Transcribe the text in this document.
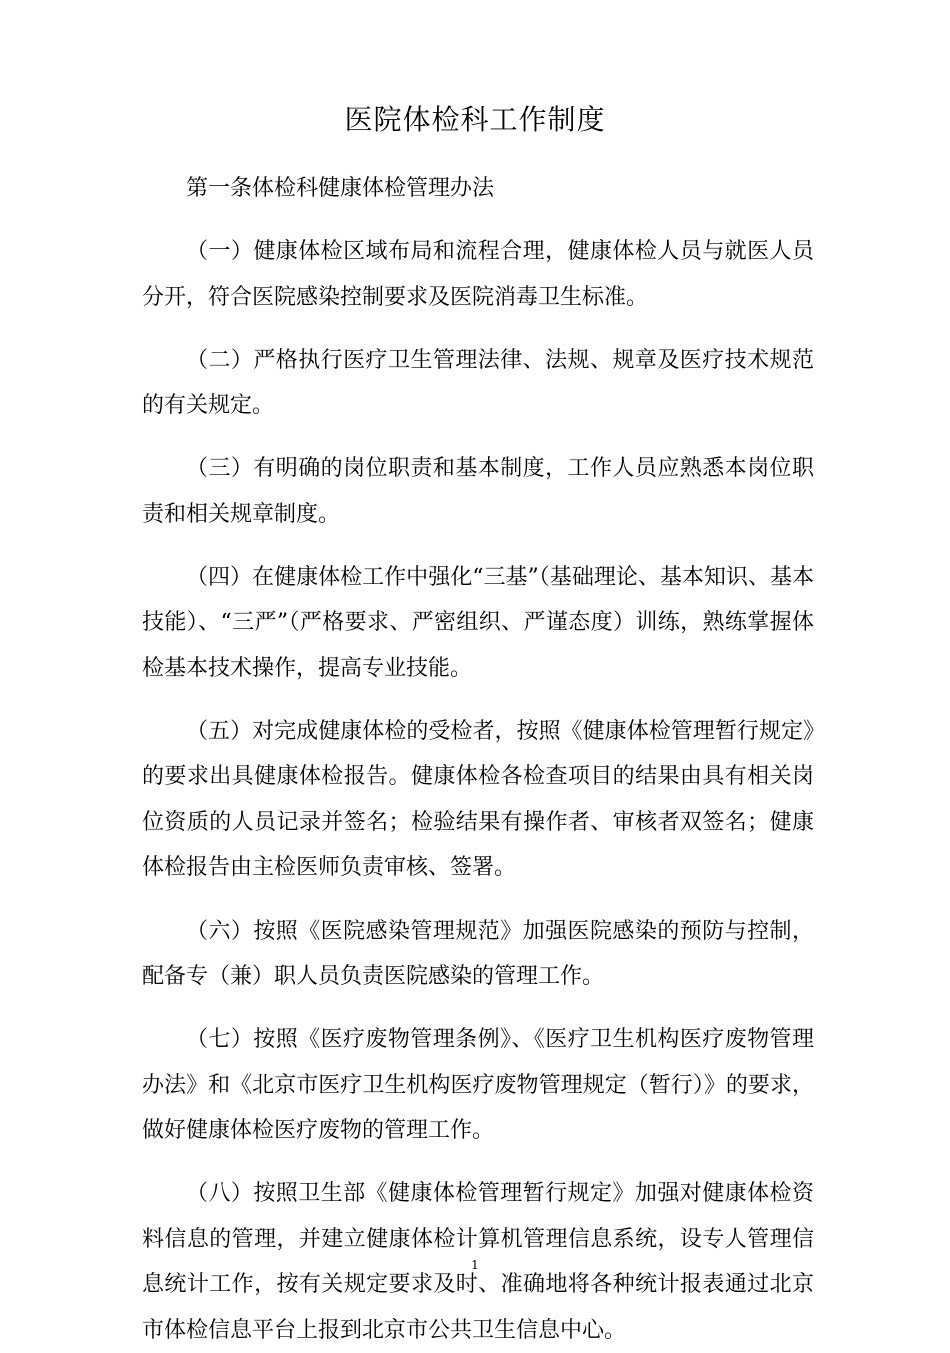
医院体检科工作制度

第一条体检科健康体检管理办法

（一）健康体检区域布局和流程合理，健康体检人员与就医人员分开，符合医院感染控制要求及医院消毒卫生标准。

（二）严格执行医疗卫生管理法律、法规、规章及医疗技术规范的有关规定。

（三）有明确的岗位职责和基本制度，工作人员应熟悉本岗位职责和相关规章制度。

（四）在健康体检工作中强化“三基”（基础理论、基本知识、基本技能）、“三严”（严格要求、严密组织、严谨态度）训练，熟练掌握体检基本技术操作，提高专业技能。

（五）对完成健康体检的受检者，按照《健康体检管理暂行规定》的要求出具健康体检报告。健康体检各检查项目的结果由具有相关岗位资质的人员记录并签名；检验结果有操作者、审核者双签名；健康体检报告由主检医师负责审核、签署。

（六）按照《医院感染管理规范》加强医院感染的预防与控制，配备专（兼）职人员负责医院感染的管理工作。

（七）按照《医疗废物管理条例》、《医疗卫生机构医疗废物管理办法》和《北京市医疗卫生机构医疗废物管理规定（暂行）》的要求，做好健康体检医疗废物的管理工作。

（八）按照卫生部《健康体检管理暂行规定》加强对健康体检资料信息的管理，并建立健康体检计算机管理信息系统，设专人管理信息统计工作，按有关规定要求及时、准确地将各种统计报表通过北京市体检信息平台上报到北京市公共卫生信息中心。

1
